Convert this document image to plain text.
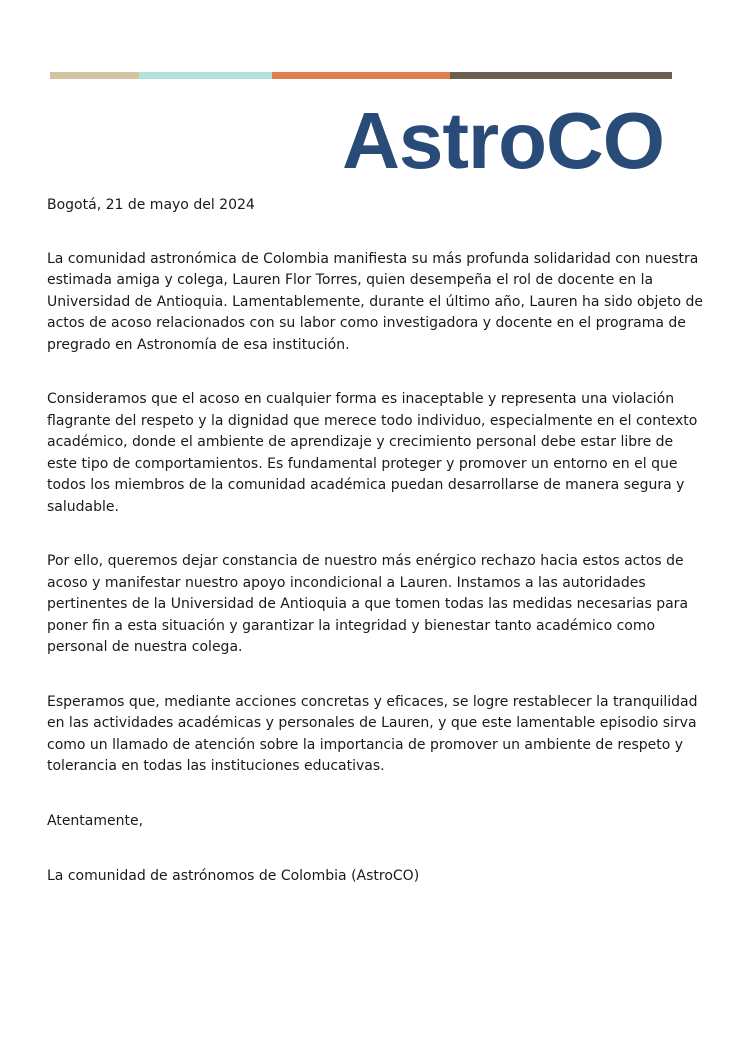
AstroCO

Bogotá, 21 de mayo del 2024

La comunidad astronómica de Colombia manifiesta su más profunda solidaridad con nuestra estimada amiga y colega, Lauren Flor Torres, quien desempeña el rol de docente en la Universidad de Antioquia. Lamentablemente, durante el último año, Lauren ha sido objeto de actos de acoso relacionados con su labor como investigadora y docente en el programa de pregrado en Astronomía de esa institución.

Consideramos que el acoso en cualquier forma es inaceptable y representa una violación flagrante del respeto y la dignidad que merece todo individuo, especialmente en el contexto académico, donde el ambiente de aprendizaje y crecimiento personal debe estar libre de este tipo de comportamientos. Es fundamental proteger y promover un entorno en el que todos los miembros de la comunidad académica puedan desarrollarse de manera segura y saludable.

Por ello, queremos dejar constancia de nuestro más enérgico rechazo hacia estos actos de acoso y manifestar nuestro apoyo incondicional a Lauren. Instamos a las autoridades pertinentes de la Universidad de Antioquia a que tomen todas las medidas necesarias para poner fin a esta situación y garantizar la integridad y bienestar tanto académico como personal de nuestra colega.

Esperamos que, mediante acciones concretas y eficaces, se logre restablecer la tranquilidad en las actividades académicas y personales de Lauren, y que este lamentable episodio sirva como un llamado de atención sobre la importancia de promover un ambiente de respeto y tolerancia en todas las instituciones educativas.

Atentamente,

La comunidad de astrónomos de Colombia (AstroCO)
